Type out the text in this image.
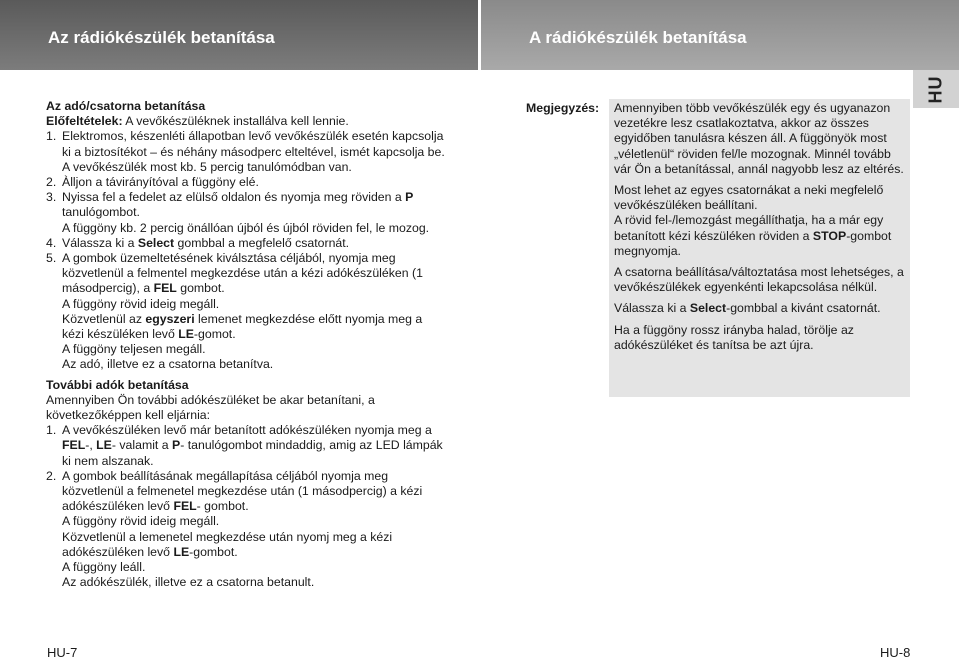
Az rádiókészülék betanítása	A rádiókészülék betanítása
HU

Az adó/csatorna betanítása

Előfeltételek: A vevőkészüléknek installálva kell lennie.

1. Elektromos, készenléti állapotban levő vevőkészülék esetén kapcsolja ki a biztosítékot – és néhány másodperc elteltével, ismét kapcsolja be.

A vevőkészülék most kb. 5 percig tanulómódban van.

2. Àlljon a távirányítóval a függöny elé.

3. Nyissa fel a fedelet az elülső oldalon és nyomja meg röviden a P tanulógombot.

A függöny kb. 2 percig önállóan újból és újból röviden fel, le mozog.

4. Válassza ki a Select gombbal a megfelelő csatornát.

5. A gombok üzemeltetésének kiválsztása céljából, nyomja meg közvetlenül a felmentel megkezdése után a kézi adókészüléken (1 másodpercig), a FEL gombot.

A függöny rövid ideig megáll.

Közvetlenül az egyszeri lemenet megkezdése előtt nyomja meg a kézi készüléken levő LE-gomot.

A függöny teljesen megáll.

Az adó, illetve ez a csatorna betanítva.

További adók betanítása

Amennyiben Ön további adókészüléket be akar betanítani, a következőképpen kell eljárnia:

1. A vevőkészüléken levő már betanított adókészüléken nyomja meg a FEL-, LE- valamit a P- tanulógombot mindaddig, amig az LED lámpák ki nem alszanak.

2. A gombok beállításának megállapítása céljából nyomja meg közvetlenül a felmenetel megkezdése után (1 másodpercig) a kézi adókészüléken levő FEL- gombot.

A függöny rövid ideig megáll.

Közvetlenül a lemenetel megkezdése után nyomj meg a kézi adókészüléken levő LE-gombot.

A függöny leáll.

Az adókészülék, illetve ez a csatorna betanult.

Megjegyzés: Amennyiben több vevőkészülék egy és ugyanazon vezetékre lesz csatlakoztatva, akkor az összes egyidőben tanulásra készen áll. A függönyök most „véletlenül“ röviden fel/le mozognak. Minnél tovább vár Ön a betanítással, annál nagyobb lesz az eltérés.

Most lehet az egyes csatornákat a neki megfelelő vevőkészüléken beállítani.
A rövid fel-/lemozgást megállíthatja, ha a már egy betanított kézi készüléken röviden a STOP-gombot megnyomja.

A csatorna beállítása/változtatása most lehetséges, a vevőkészülékek egyenkénti lekapcsolása nélkül.

Válassza ki a Select-gombbal a kivánt csatornát.

Ha a függöny rossz irányba halad, törölje az adókészüléket és tanítsa be azt újra.

HU-7	HU-8
